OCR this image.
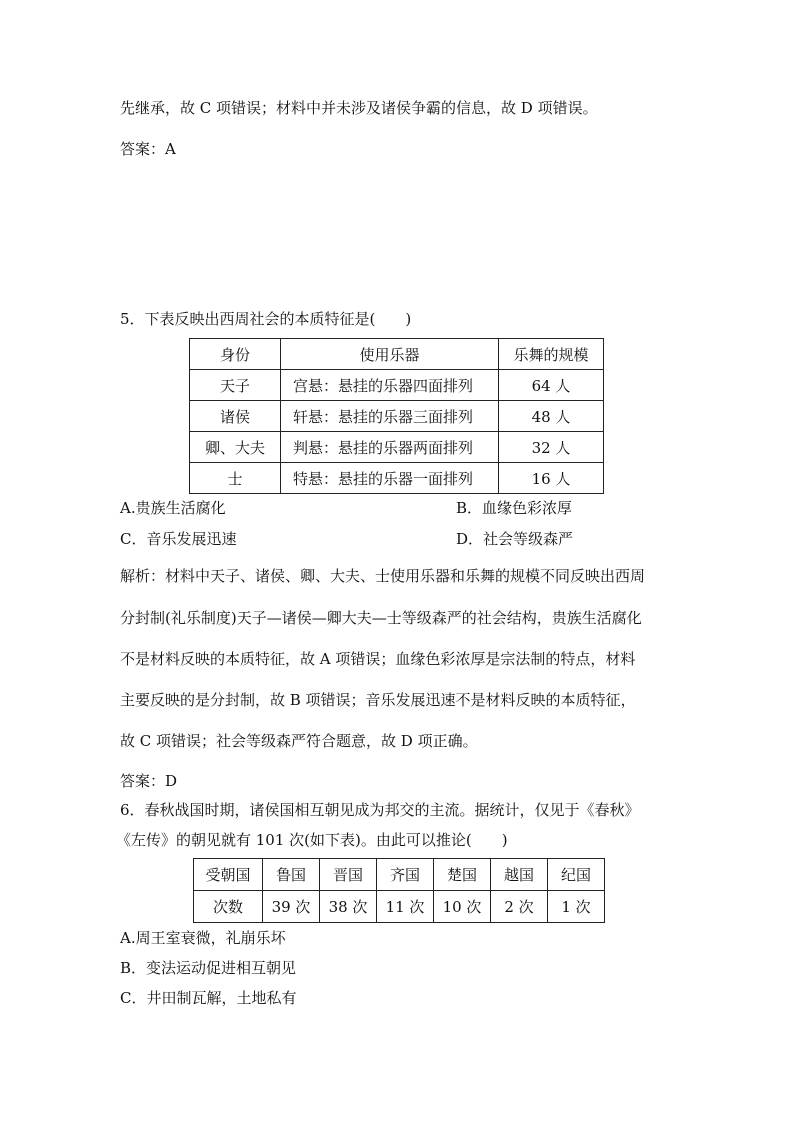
先继承，故 C 项错误；材料中并未涉及诸侯争霸的信息，故 D 项错误。
答案：A
5．下表反映出西周社会的本质特征是(　　)
身份	使用乐器	乐舞的规模
天子	宫悬：悬挂的乐器四面排列	64 人
诸侯	轩悬：悬挂的乐器三面排列	48 人
卿、大夫	判悬：悬挂的乐器两面排列	32 人
士	特悬：悬挂的乐器一面排列	16 人
A.贵族生活腐化	B．血缘色彩浓厚
C．音乐发展迅速	D．社会等级森严
解析：材料中天子、诸侯、卿、大夫、士使用乐器和乐舞的规模不同反映出西周
分封制(礼乐制度)天子—诸侯—卿大夫—士等级森严的社会结构，贵族生活腐化
不是材料反映的本质特征，故 A 项错误；血缘色彩浓厚是宗法制的特点，材料
主要反映的是分封制，故 B 项错误；音乐发展迅速不是材料反映的本质特征，
故 C 项错误；社会等级森严符合题意，故 D 项正确。
答案：D
6．春秋战国时期，诸侯国相互朝见成为邦交的主流。据统计，仅见于《春秋》
《左传》的朝见就有 101 次(如下表)。由此可以推论(　　)
受朝国	鲁国	晋国	齐国	楚国	越国	纪国
次数	39 次	38 次	11 次	10 次	2 次	1 次
A.周王室衰微，礼崩乐坏
B．变法运动促进相互朝见
C．井田制瓦解，土地私有
